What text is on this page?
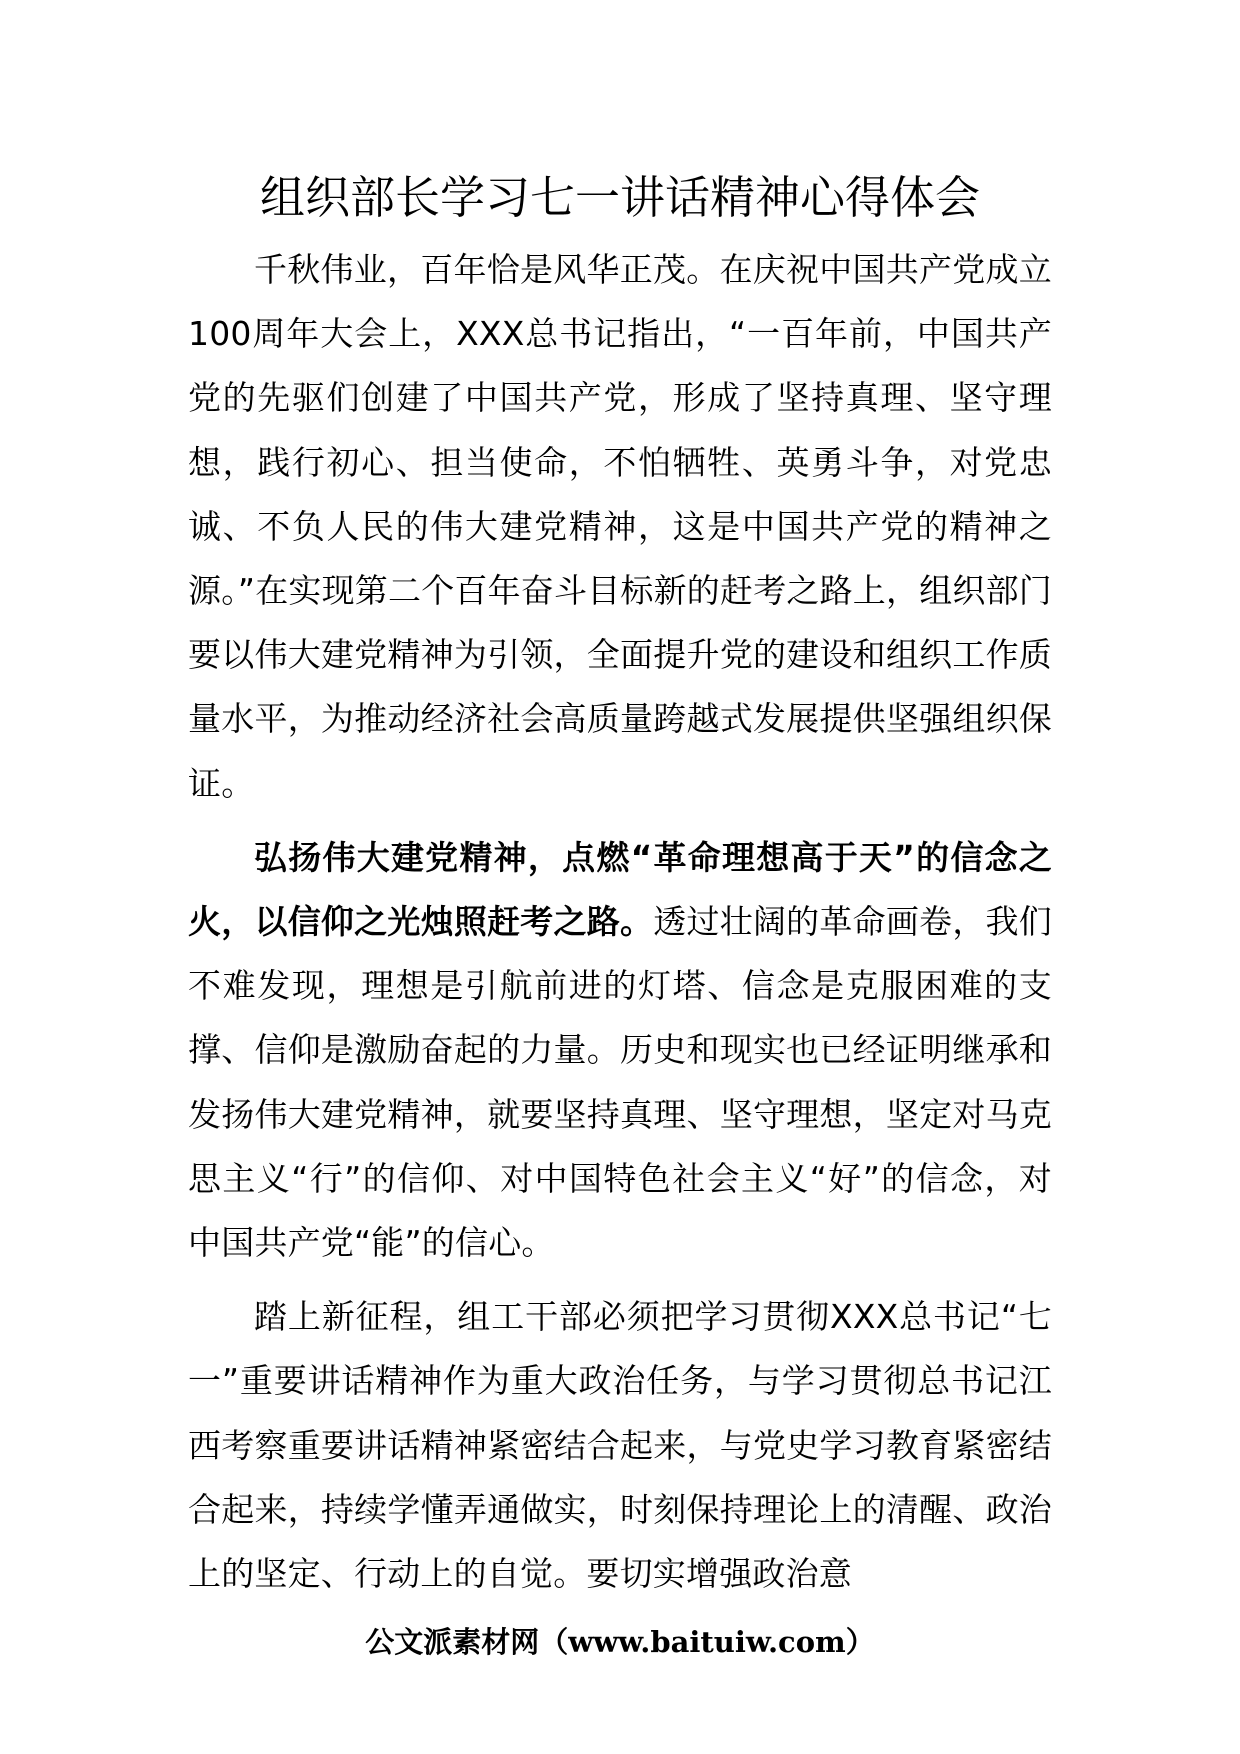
组织部长学习七一讲话精神心得体会

千秋伟业，百年恰是风华正茂。在庆祝中国共产党成立100周年大会上，XXX总书记指出，“一百年前，中国共产党的先驱们创建了中国共产党，形成了坚持真理、坚守理想，践行初心、担当使命，不怕牺牲、英勇斗争，对党忠诚、不负人民的伟大建党精神，这是中国共产党的精神之源。”在实现第二个百年奋斗目标新的赶考之路上，组织部门要以伟大建党精神为引领，全面提升党的建设和组织工作质量水平，为推动经济社会高质量跨越式发展提供坚强组织保证。

弘扬伟大建党精神，点燃“革命理想高于天”的信念之火，以信仰之光烛照赶考之路。透过壮阔的革命画卷，我们不难发现，理想是引航前进的灯塔、信念是克服困难的支撑、信仰是激励奋起的力量。历史和现实也已经证明继承和发扬伟大建党精神，就要坚持真理、坚守理想，坚定对马克思主义“行”的信仰、对中国特色社会主义“好”的信念，对中国共产党“能”的信心。

踏上新征程，组工干部必须把学习贯彻XXX总书记“七一”重要讲话精神作为重大政治任务，与学习贯彻总书记江西考察重要讲话精神紧密结合起来，与党史学习教育紧密结合起来，持续学懂弄通做实，时刻保持理论上的清醒、政治上的坚定、行动上的自觉。要切实增强政治意

公文派素材网（www.baituiw.com）
